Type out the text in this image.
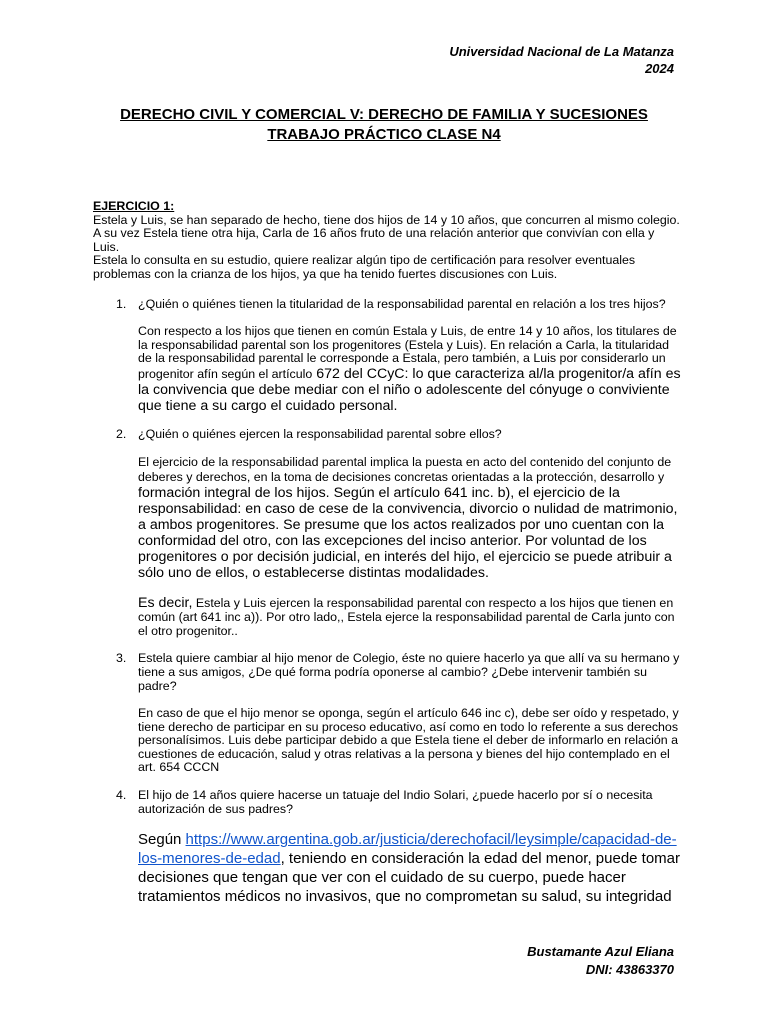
Universidad Nacional de La Matanza
2024
DERECHO CIVIL Y COMERCIAL V: DERECHO DE FAMILIA Y SUCESIONES
TRABAJO PRÁCTICO CLASE N4
EJERCICIO 1:

Estela y Luis, se han separado de hecho, tiene dos hijos de 14 y 10 años, que concurren al mismo colegio. A su vez Estela tiene otra hija, Carla de 16 años fruto de una relación anterior que convivían con ella y Luis.

Estela lo consulta en su estudio, quiere realizar algún tipo de certificación para resolver eventuales problemas con la crianza de los hijos, ya que ha tenido fuertes discusiones con Luis.

1. ¿Quién o quiénes tienen la titularidad de la responsabilidad parental en relación a los tres hijos?

Con respecto a los hijos que tienen en común Estala y Luis, de entre 14 y 10 años, los titulares de la responsabilidad parental son los progenitores (Estela y Luis). En relación a Carla, la titularidad de la responsabilidad parental le corresponde a Estala, pero también, a Luis por considerarlo un progenitor afín según el artículo 672 del CCyC: lo que caracteriza al/la progenitor/a afín es la convivencia que debe mediar con el niño o adolescente del cónyuge o conviviente que tiene a su cargo el cuidado personal.

2. ¿Quién o quiénes ejercen la responsabilidad parental sobre ellos?

El ejercicio de la responsabilidad parental implica la puesta en acto del contenido del conjunto de deberes y derechos, en la toma de decisiones concretas orientadas a la protección, desarrollo y formación integral de los hijos. Según el artículo 641 inc. b), el ejercicio de la responsabilidad: en caso de cese de la convivencia, divorcio o nulidad de matrimonio, a ambos progenitores. Se presume que los actos realizados por uno cuentan con la conformidad del otro, con las excepciones del inciso anterior. Por voluntad de los progenitores o por decisión judicial, en interés del hijo, el ejercicio se puede atribuir a sólo uno de ellos, o establecerse distintas modalidades.

Es decir, Estela y Luis ejercen la responsabilidad parental con respecto a los hijos que tienen en común (art 641 inc a)). Por otro lado,, Estela ejerce la responsabilidad parental de Carla junto con el otro progenitor..

3. Estela quiere cambiar al hijo menor de Colegio, éste no quiere hacerlo ya que allí va su hermano y tiene a sus amigos, ¿De qué forma podría oponerse al cambio? ¿Debe intervenir también su padre?

En caso de que el hijo menor se oponga, según el artículo 646 inc c), debe ser oído y respetado, y tiene derecho de participar en su proceso educativo, así como en todo lo referente a sus derechos personalísimos. Luis debe participar debido a que Estela tiene el deber de informarlo en relación a cuestiones de educación, salud y otras relativas a la persona y bienes del hijo contemplado en el art. 654 CCCN

4. El hijo de 14 años quiere hacerse un tatuaje del Indio Solari, ¿puede hacerlo por sí o necesita autorización de sus padres?

Según https://www.argentina.gob.ar/justicia/derechofacil/leysimple/capacidad-de-los-menores-de-edad, teniendo en consideración la edad del menor, puede tomar decisiones que tengan que ver con el cuidado de su cuerpo, puede hacer tratamientos médicos no invasivos, que no comprometan su salud, su integridad

Bustamante Azul Eliana
DNI: 43863370
